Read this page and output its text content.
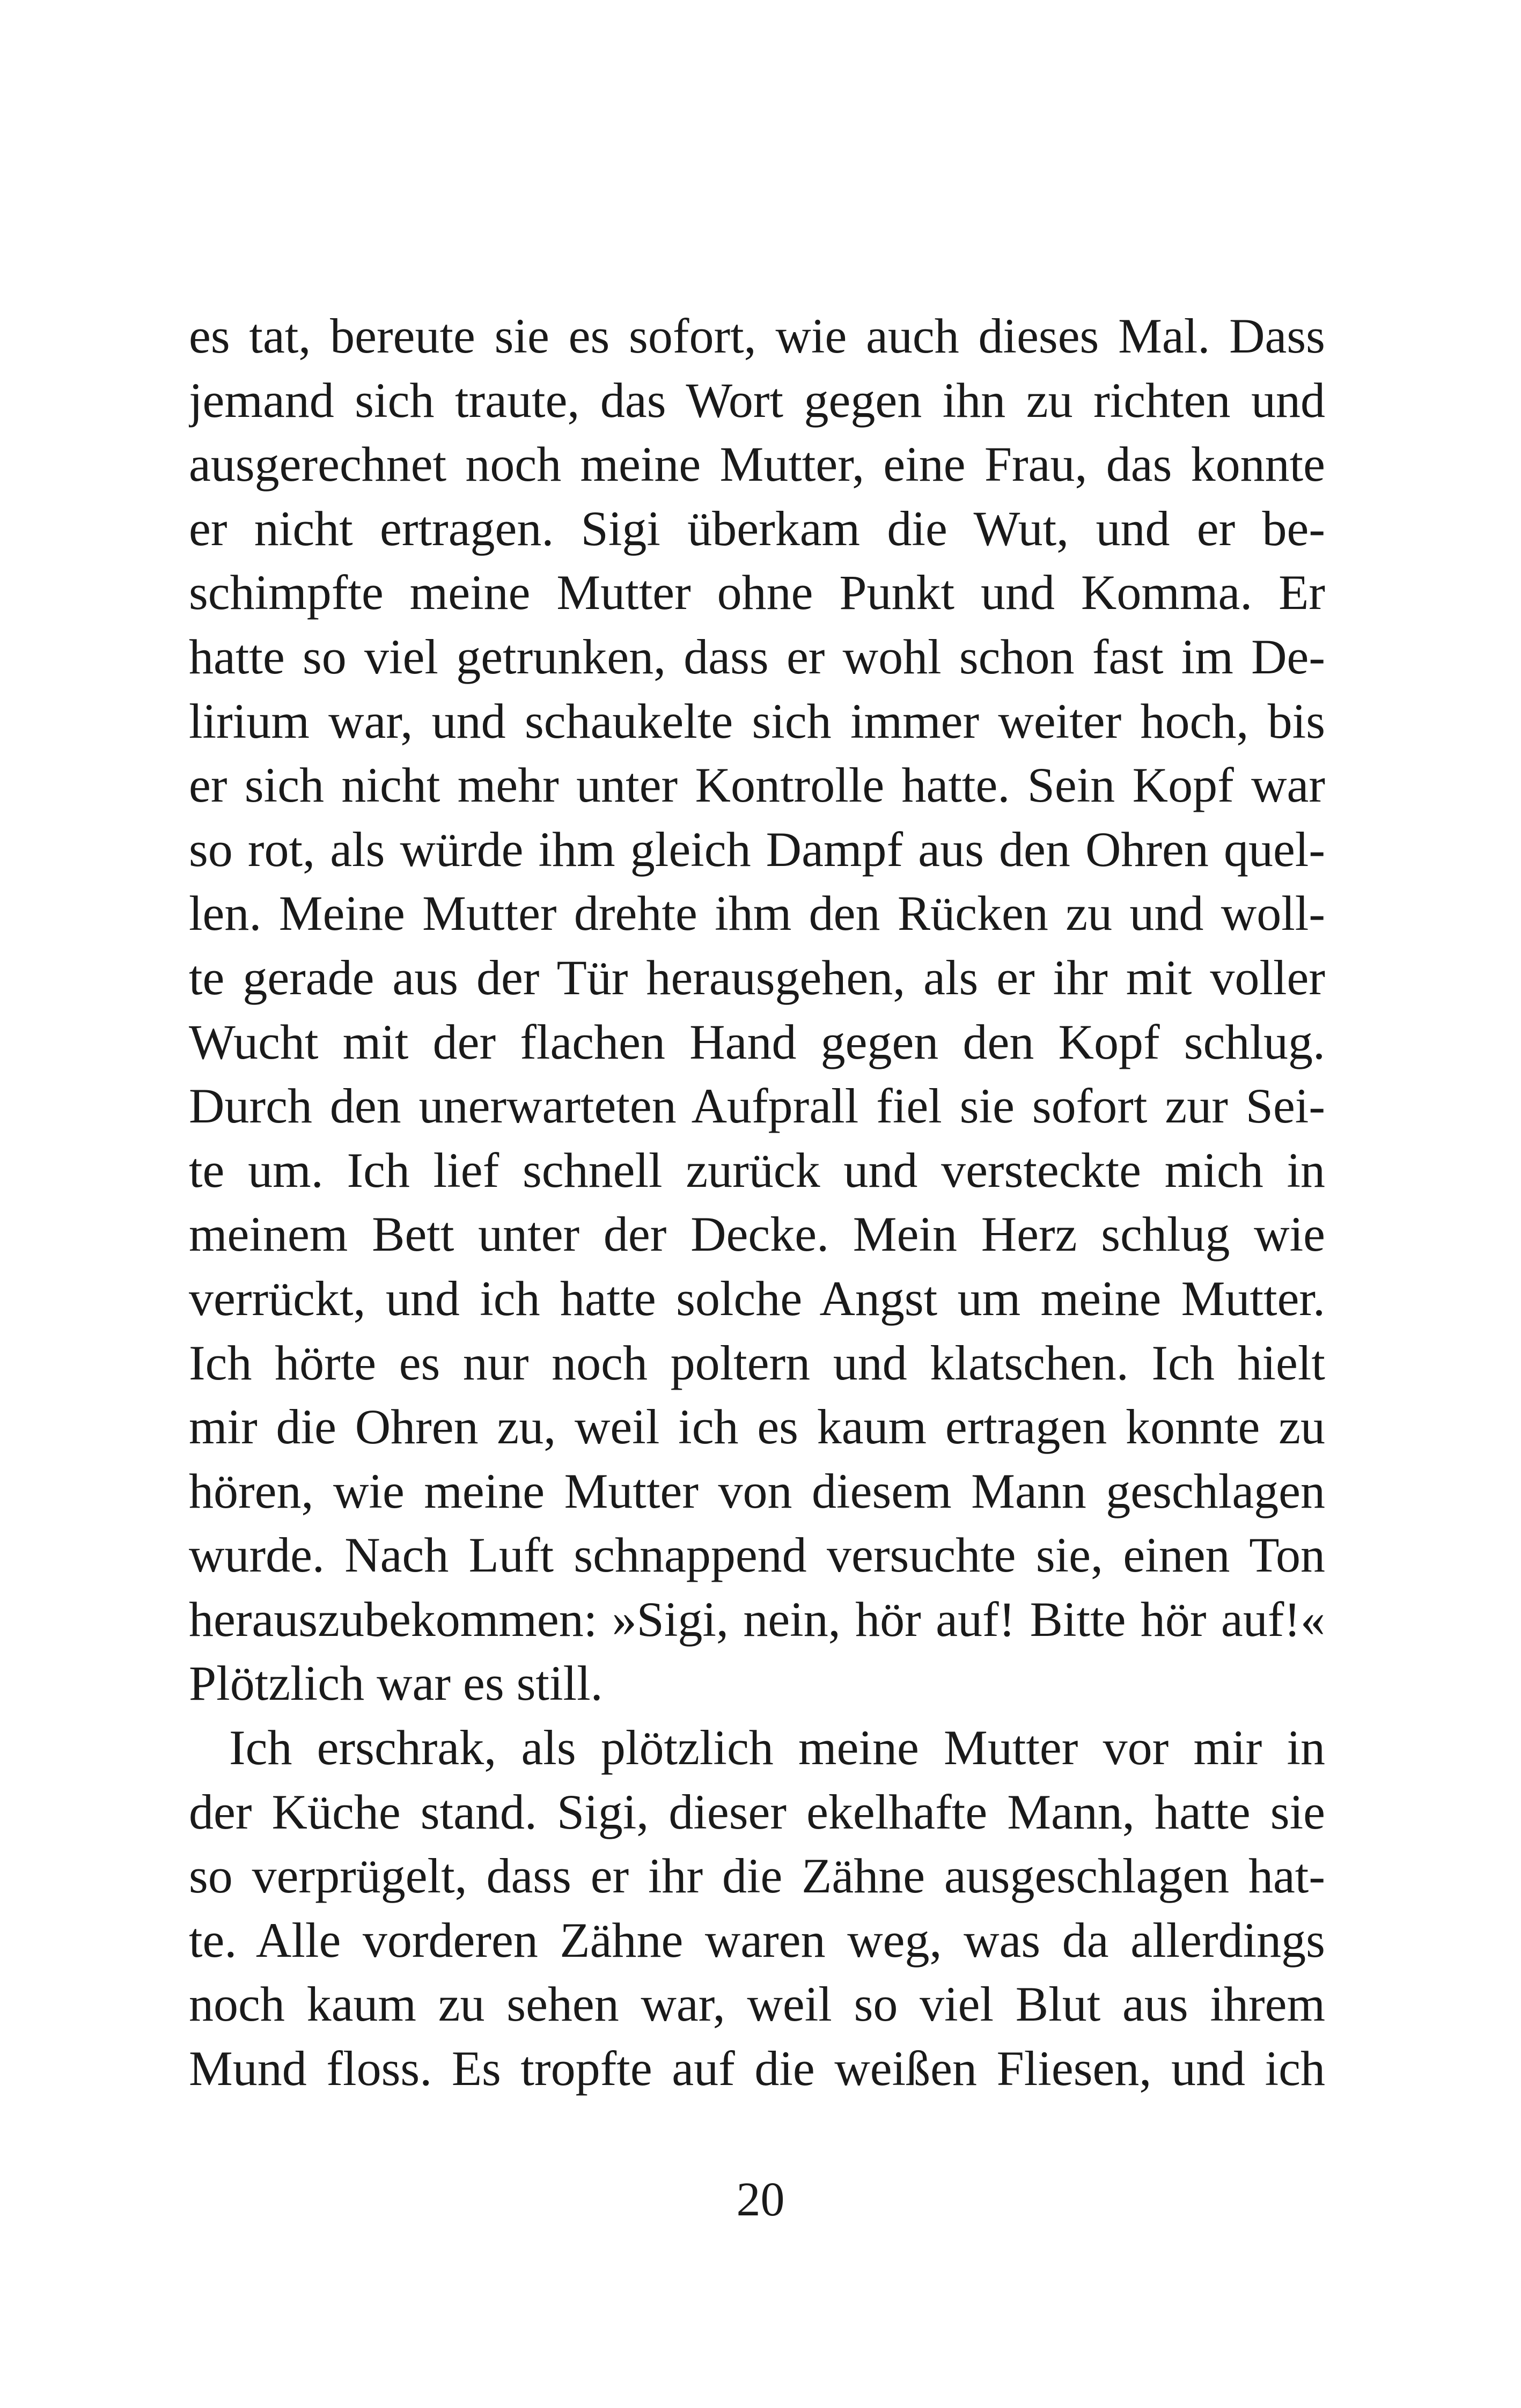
es tat, bereute sie es sofort, wie auch dieses Mal. Dass
jemand sich traute, das Wort gegen ihn zu richten und
ausgerechnet noch meine Mutter, eine Frau, das konnte
er nicht ertragen. Sigi überkam die Wut, und er be-
schimpfte meine Mutter ohne Punkt und Komma. Er
hatte so viel getrunken, dass er wohl schon fast im De-
lirium war, und schaukelte sich immer weiter hoch, bis
er sich nicht mehr unter Kontrolle hatte. Sein Kopf war
so rot, als würde ihm gleich Dampf aus den Ohren quel-
len. Meine Mutter drehte ihm den Rücken zu und woll-
te gerade aus der Tür herausgehen, als er ihr mit voller
Wucht mit der flachen Hand gegen den Kopf schlug.
Durch den unerwarteten Aufprall fiel sie sofort zur Sei-
te um. Ich lief schnell zurück und versteckte mich in
meinem Bett unter der Decke. Mein Herz schlug wie
verrückt, und ich hatte solche Angst um meine Mutter.
Ich hörte es nur noch poltern und klatschen. Ich hielt
mir die Ohren zu, weil ich es kaum ertragen konnte zu
hören, wie meine Mutter von diesem Mann geschlagen
wurde. Nach Luft schnappend versuchte sie, einen Ton
herauszubekommen: »Sigi, nein, hör auf! Bitte hör auf!«
Plötzlich war es still.
Ich erschrak, als plötzlich meine Mutter vor mir in
der Küche stand. Sigi, dieser ekelhafte Mann, hatte sie
so verprügelt, dass er ihr die Zähne ausgeschlagen hat-
te. Alle vorderen Zähne waren weg, was da allerdings
noch kaum zu sehen war, weil so viel Blut aus ihrem
Mund floss. Es tropfte auf die weißen Fliesen, und ich
20
